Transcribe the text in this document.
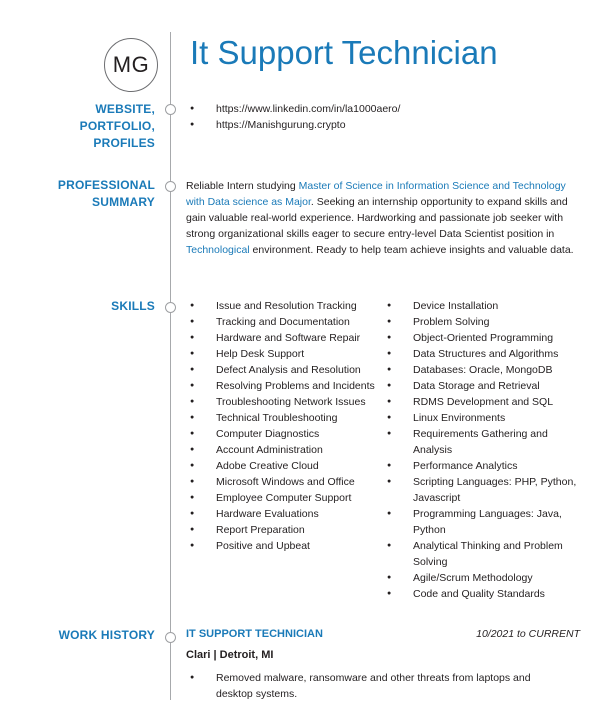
MG It Support Technician
WEBSITE,
PORTFOLIO,
PROFILES
● https://www.linkedin.com/in/la1000aero/
● https://Manishgurung.crypto
PROFESSIONAL
SUMMARY

Reliable Intern studying Master of Science in Information Science and Technology with Data science as Major. Seeking an internship opportunity to expand skills and gain valuable real-world experience. Hardworking and passionate job seeker with strong organizational skills eager to secure entry-level Data Scientist position in Technological environment. Ready to help team achieve insights and valuable data.

SKILLS
●	Issue and Resolution Tracking
● Tracking and Documentation
● Hardware and Software Repair
● Help Desk Support
● Defect Analysis and Resolution
● Resolving Problems and Incidents
● Troubleshooting Network Issues
● Technical Troubleshooting
● Computer Diagnostics
● Account Administration
● Adobe Creative Cloud
● Microsoft Windows and Office
● Employee Computer Support
● Hardware Evaluations
● Report Preparation
● Positive and Upbeat
● Device Installation
● Problem Solving
● Object-Oriented Programming
● Data Structures and Algorithms
● Databases: Oracle, MongoDB
● Data Storage and Retrieval
● RDMS Development and SQL
● Linux Environments
● Requirements Gathering and Analysis
● Performance Analytics
● Scripting Languages: PHP, Python, Javascript
● Programming Languages: Java, Python
● Analytical Thinking and Problem Solving
● Agile/Scrum Methodology
● Code and Quality Standards
WORK HISTORY	IT SUPPORT TECHNICIAN	10/2021 to CURRENT
Clari | Detroit, MI
● Removed malware, ransomware and other threats from laptops and desktop systems.
